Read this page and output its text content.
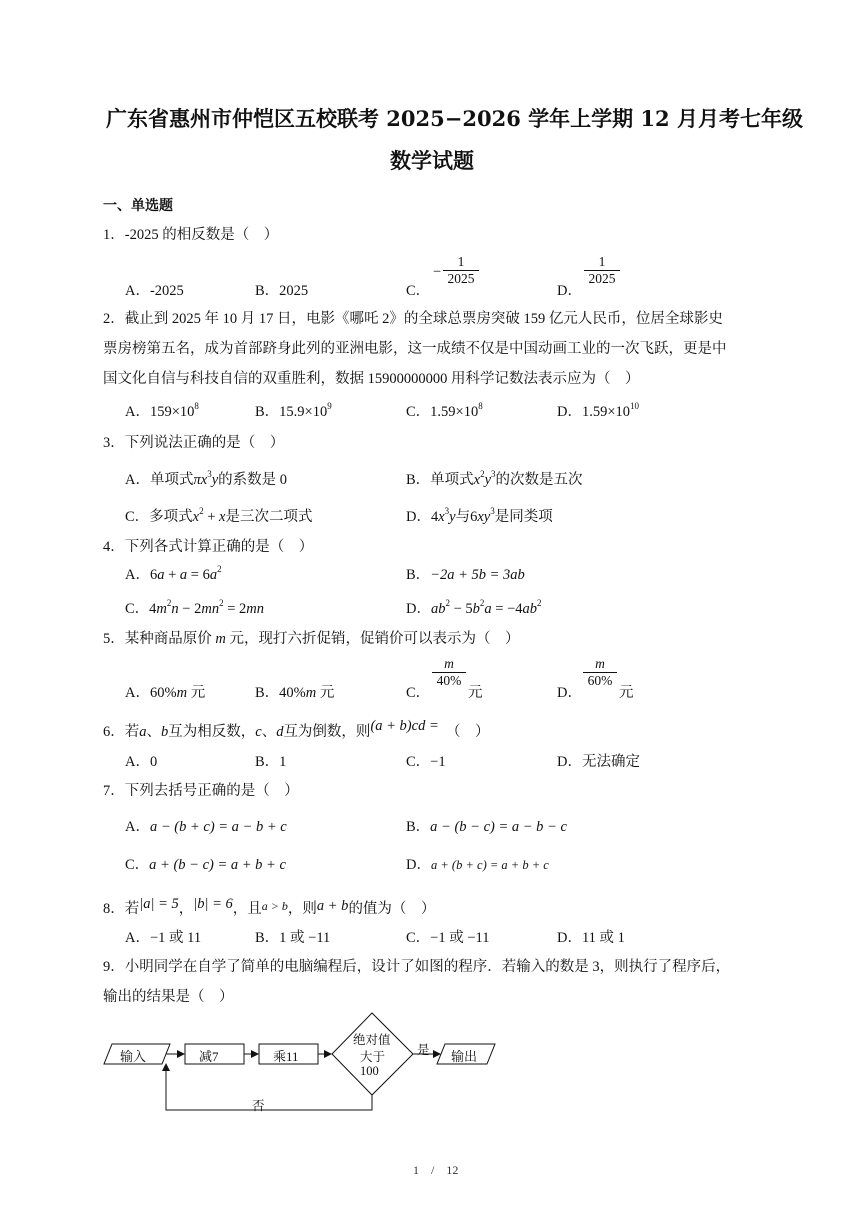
广东省惠州市仲恺区五校联考 2025−2026 学年上学期 12 月月考七年级
数学试题
一、单选题
1．-2025 的相反数是（　）
A．-2025	B．2025	C．
−
1
2025
D．
1
2025
2．截止到 2025 年 10 月 17 日，电影《哪吒 2》的全球总票房突破 159 亿元人民币，位居全球影史
票房榜第五名，成为首部跻身此列的亚洲电影，这一成绩不仅是中国动画工业的一次飞跃，更是中
国文化自信与科技自信的双重胜利，数据 15900000000 用科学记数法表示应为（　）
A．$159\times 10^8$	B．$15.9\times 10^9$	C．$1.59\times 10^8$	D．$1.59\times 10^{10}$
3．下列说法正确的是（　）
A．单项式$\pi x^3y$的系数是 0	B．单项式$x^2y^3$的次数是五次
C．多项式$x^2 + x$是三次二项式	D．$4x^3y$与$6xy^3$是同类项
4．下列各式计算正确的是（　）
A．$6a + a = 6a^2$	B．−2a + 5b = 3ab
C．$4m^2n - 2mn^2 = 2mn$	D．$ab^2 - 5b^2a = -4ab^2$
5．某种商品原价 m 元，现打六折促销，促销价可以表示为（　）
A．60%m 元	B．40%m 元	C．
m
40%
元	D．
m
60%
元
6．若a、b互为相反数，c、d互为倒数，则(a + b)cd =　 （　）
A．0	B．1	C．−1	D．无法确定
7．下列去括号正确的是（　）
A．a − (b + c) = a − b + c	B．a − (b − c) = a − b − c
C．a + (b − c) = a + b + c	D．a + (b + c) = a + b + c
8．若|a| = 5，|b| = 6，且$^{a > b}$，则a + b的值为（　）
A．−1 或 11	B．1 或 −11	C．−1 或 −11	D．11 或 1
9．小明同学在自学了简单的电脑编程后，设计了如图的程序．若输入的数是 3，则执行了程序后，
输出的结果是（　）
输入	减7	乘11
绝对值
大于
100
是 输出
否
1　/　12
